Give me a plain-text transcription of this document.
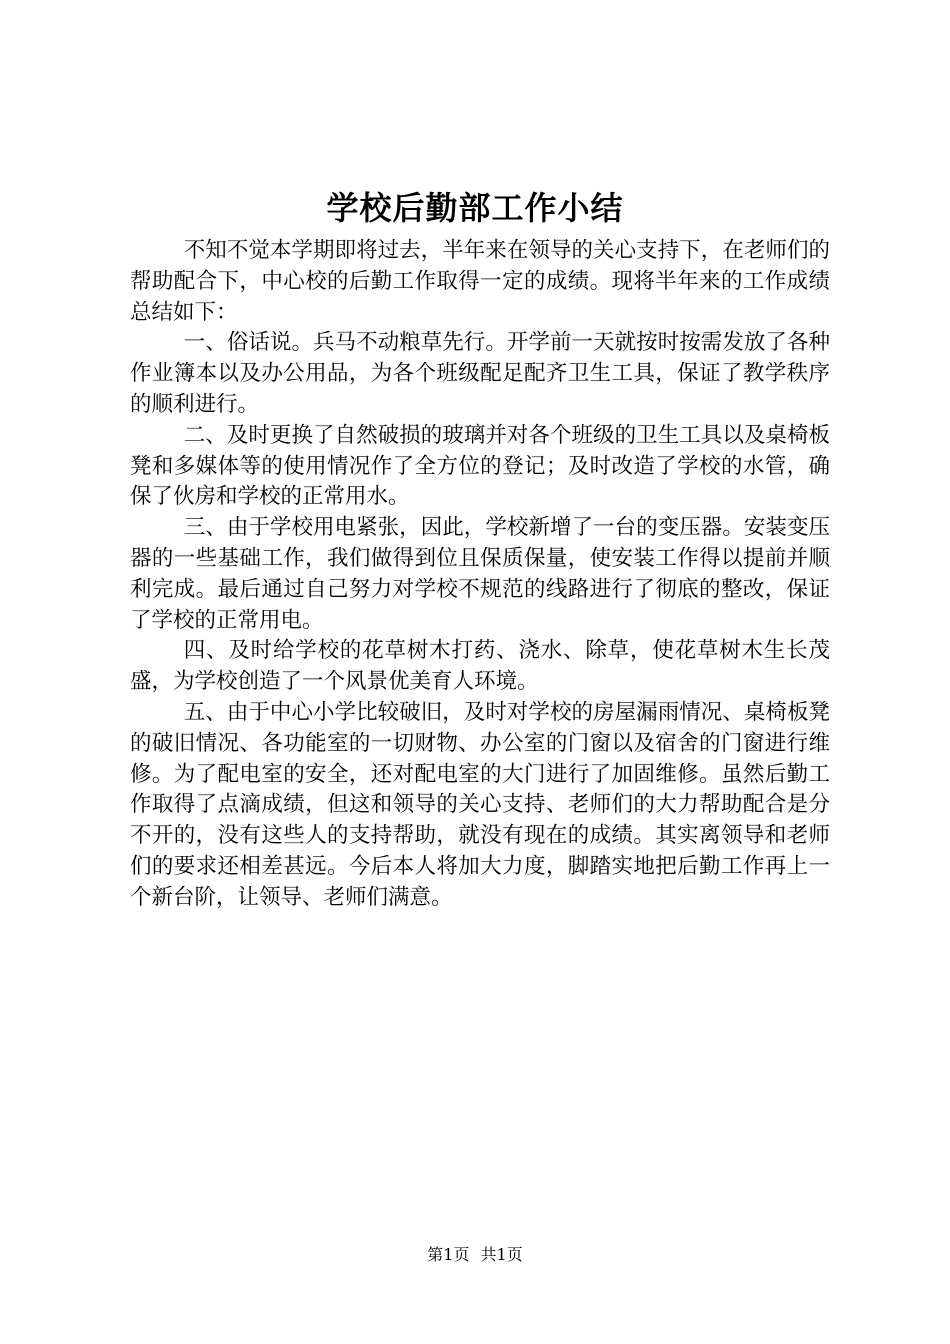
学校后勤部工作小结

不知不觉本学期即将过去，半年来在领导的关心支持下，在老师们的帮助配合下，中心校的后勤工作取得一定的成绩。现将半年来的工作成绩总结如下：

一、俗话说。兵马不动粮草先行。开学前一天就按时按需发放了各种作业簿本以及办公用品，为各个班级配足配齐卫生工具，保证了教学秩序的顺利进行。

二、及时更换了自然破损的玻璃并对各个班级的卫生工具以及桌椅板凳和多媒体等的使用情况作了全方位的登记；及时改造了学校的水管，确保了伙房和学校的正常用水。

三、由于学校用电紧张，因此，学校新增了一台的变压器。安装变压器的一些基础工作，我们做得到位且保质保量，使安装工作得以提前并顺利完成。最后通过自己努力对学校不规范的线路进行了彻底的整改，保证了学校的正常用电。

四、及时给学校的花草树木打药、浇水、除草，使花草树木生长茂盛，为学校创造了一个风景优美育人环境。

五、由于中心小学比较破旧，及时对学校的房屋漏雨情况、桌椅板凳的破旧情况、各功能室的一切财物、办公室的门窗以及宿舍的门窗进行维修。为了配电室的安全，还对配电室的大门进行了加固维修。虽然后勤工作取得了点滴成绩，但这和领导的关心支持、老师们的大力帮助配合是分不开的，没有这些人的支持帮助，就没有现在的成绩。其实离领导和老师们的要求还相差甚远。今后本人将加大力度，脚踏实地把后勤工作再上一个新台阶，让领导、老师们满意。

第1页 共1页
